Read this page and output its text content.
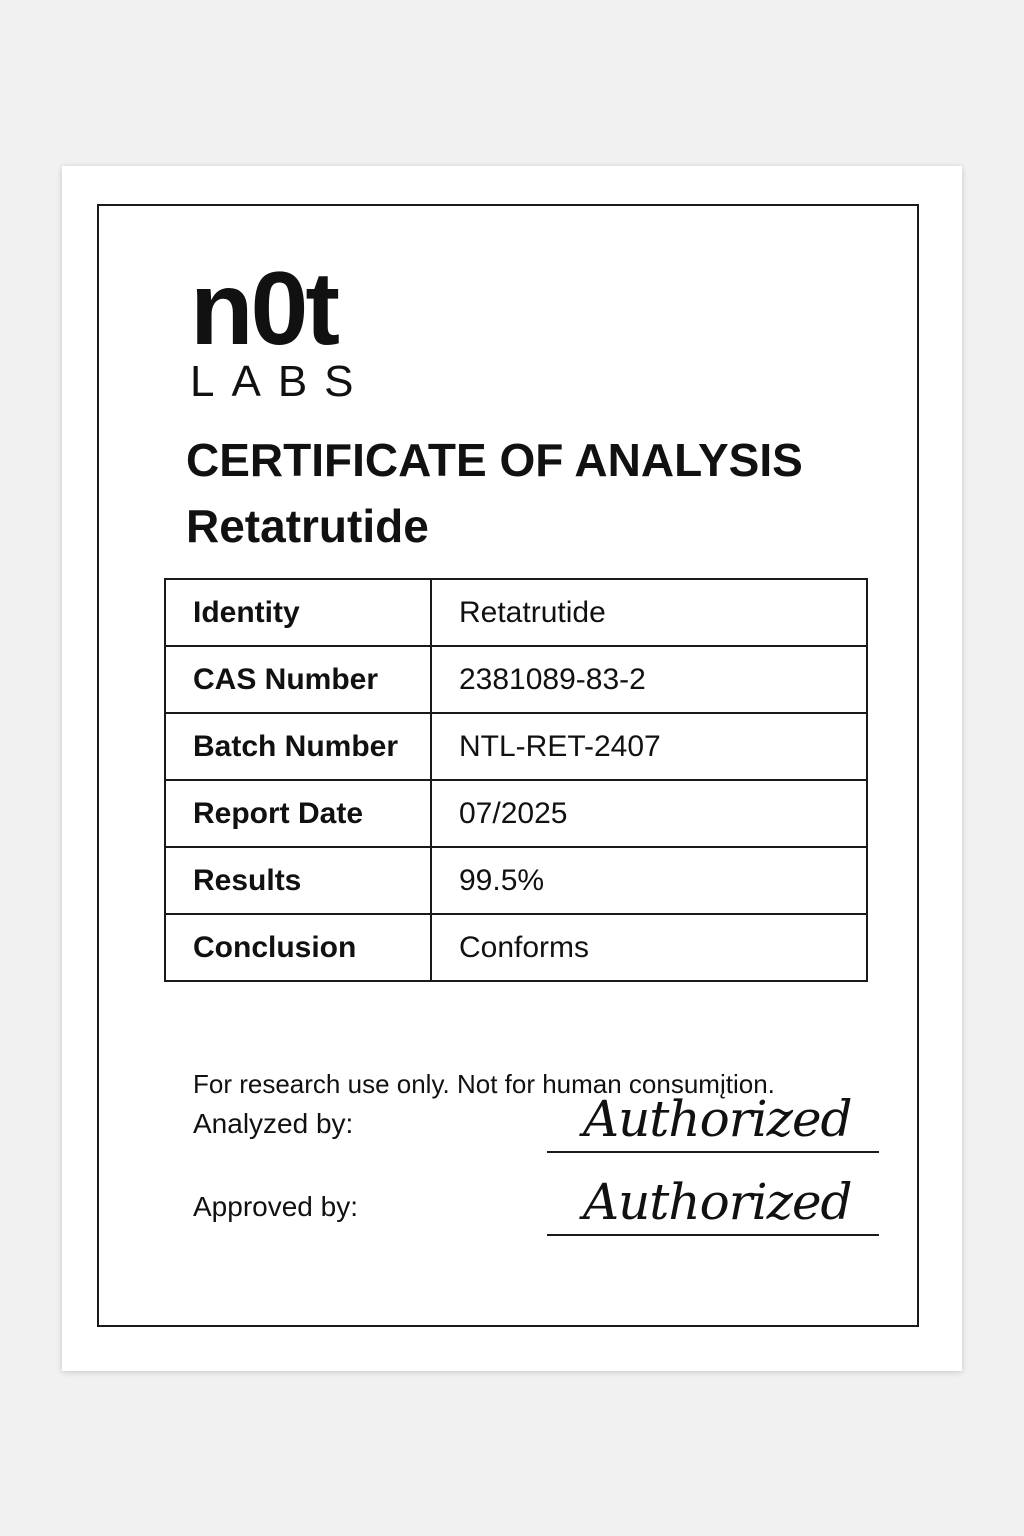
n0t
LABS
CERTIFICATE OF ANALYSIS
Retatrutide
Identity	Retatrutide
CAS Number	2381089-83-2
Batch Number	NTL-RET-2407
Report Date	07/2025
Results	99.5%
Conclusion	Conforms
For research use only. Not for human consumįtion.
Analyzed by:	Authorized
Approved by:	Authorized
